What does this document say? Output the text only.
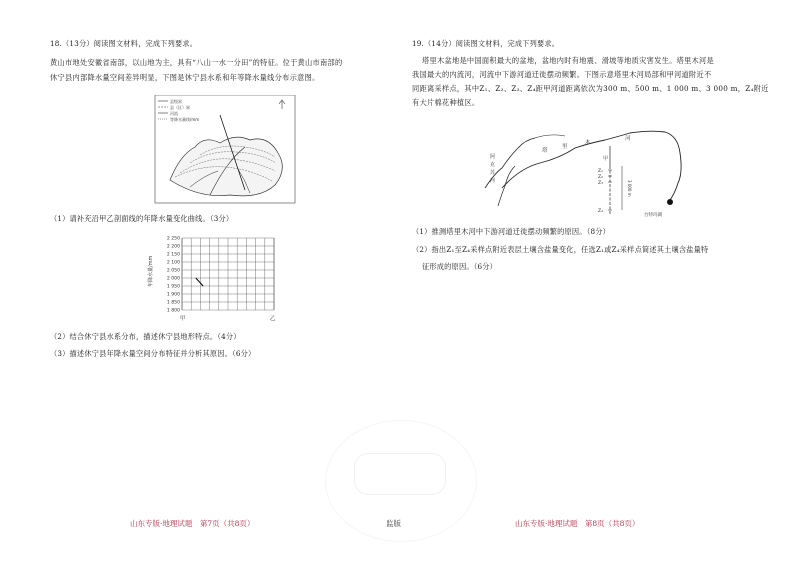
18.（13分）阅读图文材料，完成下列要求。
黄山市地处安徽省南部，以山地为主，具有“八山一水一分田”的特征。位于黄山市南部的
休宁县内部降水量空间差异明显，下图是休宁县水系和年等降水量线分布示意图。
县级界
县（区）界
河流
等降水量线/mm
（1）请补充沿甲乙剖面线的年降水量变化曲线。（3分）
年降水量/mm
2 250
2 200
2 150
2 100
2 050
2 000
1 950
1 900
1 850
1 800
甲	乙
（2）结合休宁县水系分布，描述休宁县地形特点。（4分）
（3）描述休宁县年降水量空间分布特征并分析其原因。（6分）
山东专版·地理试题　第7页（共8页）	监版
19.（14分）阅读图文材料，完成下列要求。
塔里木盆地是中国面积最大的盆地，盆地内时有地震、滑坡等地质灾害发生。塔里木河是
我国最大的内流河，河流中下游河道迁徙摆动频繁。下图示意塔里木河局部和甲河道附近不
同距离采样点，其中Z₁、Z₂、Z₃、Z₄距甲河道距离依次为300 m、500 m、1 000 m、3 000 m，Z₄附近
有大片棉花种植区。
阿
克
苏
河
塔
里
木
河
甲
Z₁
Z₂
Z₃
Z₄
3 000 m
台特玛湖
（1）推测塔里木河中下游河道迁徙摆动频繁的原因。（8分）
（2）指出Z₁至Z₄采样点附近表层土壤含盐量变化，任选Z₁或Z₄采样点简述其土壤含盐量特
征形成的原因。（6分）
山东专版·地理试题　第8页（共8页）
